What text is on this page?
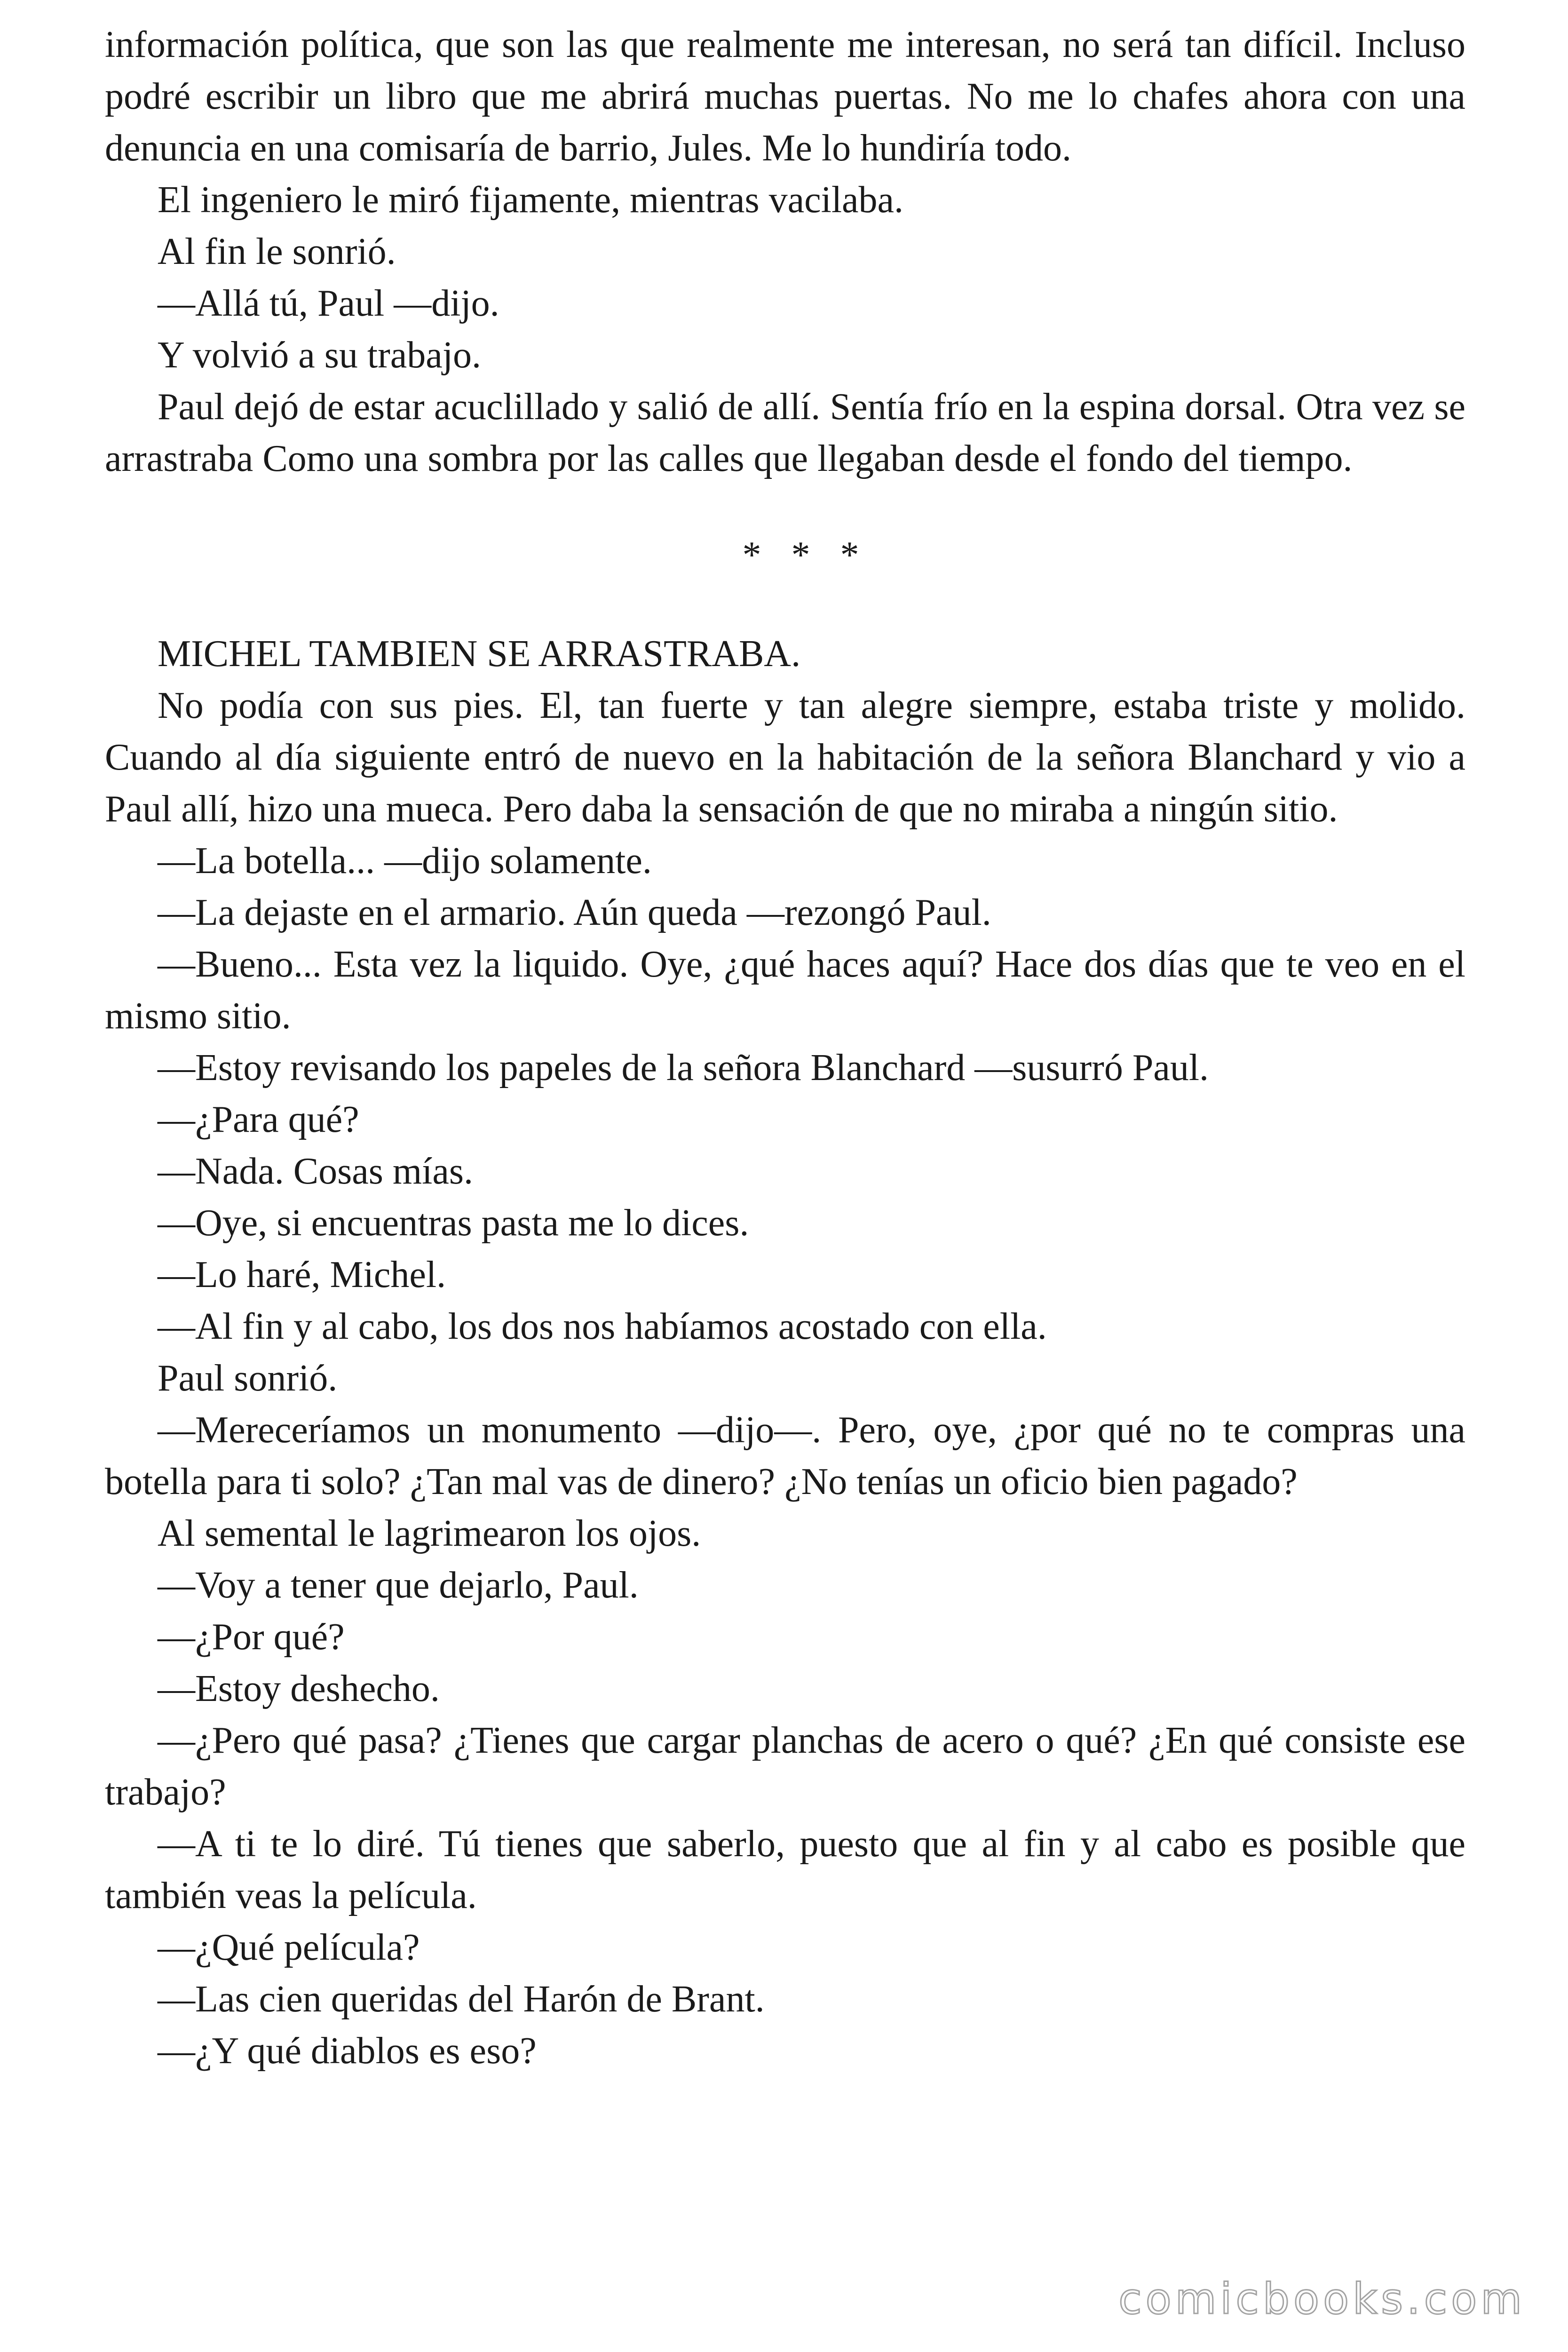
información política, que son las que realmente me interesan, no será tan difícil. Incluso podré escribir un libro que me abrirá muchas puertas. No me lo chafes ahora con una denuncia en una comisaría de barrio, Jules. Me lo hundiría todo.

El ingeniero le miró fijamente, mientras vacilaba.

Al fin le sonrió.

—Allá tú, Paul —dijo.

Y volvió a su trabajo.

Paul dejó de estar acuclillado y salió de allí. Sentía frío en la espina dorsal. Otra vez se arrastraba Como una sombra por las calles que llegaban desde el fondo del tiempo.

* * *

MICHEL TAMBIEN SE ARRASTRABA.

No podía con sus pies. El, tan fuerte y tan alegre siempre, estaba triste y molido. Cuando al día siguiente entró de nuevo en la habitación de la señora Blanchard y vio a Paul allí, hizo una mueca. Pero daba la sensación de que no miraba a ningún sitio.

—La botella... —dijo solamente.

—La dejaste en el armario. Aún queda —rezongó Paul.

—Bueno... Esta vez la liquido. Oye, ¿qué haces aquí? Hace dos días que te veo en el mismo sitio.

—Estoy revisando los papeles de la señora Blanchard —susurró Paul.

—¿Para qué?

—Nada. Cosas mías.

—Oye, si encuentras pasta me lo dices.

—Lo haré, Michel.

—Al fin y al cabo, los dos nos habíamos acostado con ella.

Paul sonrió.

—Mereceríamos un monumento —dijo—. Pero, oye, ¿por qué no te compras una botella para ti solo? ¿Tan mal vas de dinero? ¿No tenías un oficio bien pagado?

Al semental le lagrimearon los ojos.

—Voy a tener que dejarlo, Paul.

—¿Por qué?

—Estoy deshecho.

—¿Pero qué pasa? ¿Tienes que cargar planchas de acero o qué? ¿En qué consiste ese trabajo?

—A ti te lo diré. Tú tienes que saberlo, puesto que al fin y al cabo es posible que también veas la película.

—¿Qué película?

—Las cien queridas del Harón de Brant.

—¿Y qué diablos es eso?

comicbooks.com
